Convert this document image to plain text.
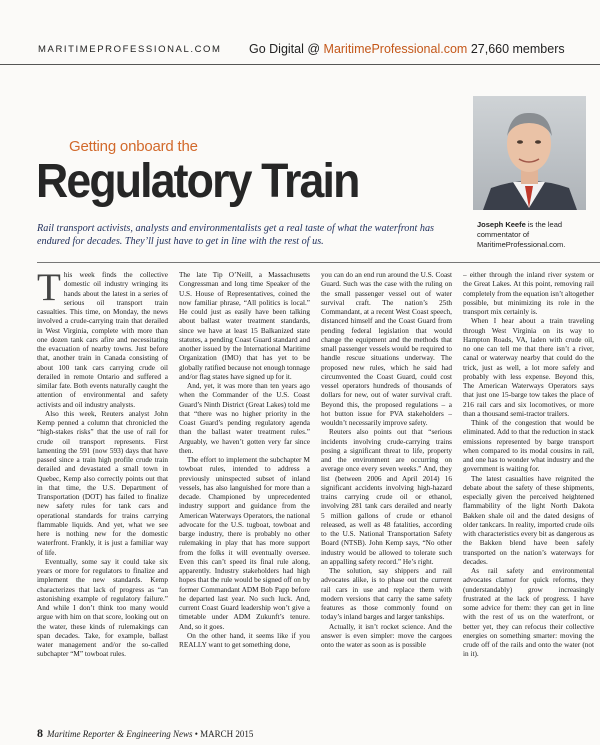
MARITIMEPROFESSIONAL.COM Go Digital @ MaritimeProfessional.com 27,660 members
Getting onboard the
Regulatory Train
Rail transport activists, analysts and environmentalists get a real taste of what the waterfront has endured for decades. They’ll just have to get in line with the rest of us.
Joseph Keefe is the lead commentator of MaritimeProfessional.com.

This week finds the collective domestic oil industry wringing its hands about the latest in a series of serious oil transport train casualties. This time, on Monday, the news involved a crude-carrying train that derailed in West Virginia, complete with more than one dozen tank cars afire and necessitating the evacuation of nearby towns. Just before that, another train in Canada consisting of about 100 tank cars carrying crude oil derailed in remote Ontario and suffered a similar fate. Both events naturally caught the attention of environmental and safety activists and oil industry analysts.

Also this week, Reuters analyst John Kemp penned a column that chronicled the “high-stakes risks” that the use of rail for crude oil transport represents. First lamenting the 591 (now 593) days that have passed since a train high profile crude train derailed and devastated a small town in Quebec, Kemp also correctly points out that in that time, the U.S. Department of Transportation (DOT) has failed to finalize new safety rules for tank cars and operational standards for trains carrying flammable liquids. And yet, what we see here is nothing new for the domestic waterfront. Frankly, it is just a familiar way of life.

Eventually, some say it could take six years or more for regulators to finalize and implement the new standards. Kemp characterizes that lack of progress as “an astonishing example of regulatory failure.” And while I don’t think too many would argue with him on that score, looking out on the water, these kinds of rulemakings can span decades. Take, for example, ballast water management and/or the so-called subchapter “M” towboat rules.

The late Tip O’Neill, a Massachusetts Congressman and long time Speaker of the U.S. House of Representatives, coined the now familiar phrase, “All politics is local.” He could just as easily have been talking about ballast water treatment standards, since we have at least 15 Balkanized state statutes, a pending Coast Guard standard and another issued by the International Maritime Organization (IMO) that has yet to be globally ratified because not enough tonnage and/or flag states have signed up for it.

And, yet, it was more than ten years ago when the Commander of the U.S. Coast Guard’s Ninth District (Great Lakes) told me that “there was no higher priority in the Coast Guard’s pending regulatory agenda than the ballast water treatment rules.” Arguably, we haven’t gotten very far since then.

The effort to implement the subchapter M towboat rules, intended to address a previously uninspected subset of inland vessels, has also languished for more than a decade. Championed by unprecedented industry support and guidance from the American Waterways Operators, the national advocate for the U.S. tugboat, towboat and barge industry, there is probably no other rulemaking in play that has more support from the folks it will eventually oversee. Even this can’t speed its final rule along, apparently. Industry stakeholders had high hopes that the rule would be signed off on by former Commandant ADM Bob Papp before he departed last year. No such luck. And, current Coast Guard leadership won’t give a timetable under ADM Zukunft’s tenure. And, so it goes.

On the other hand, it seems like if you REALLY want to get something done,

you can do an end run around the U.S. Coast Guard. Such was the case with the ruling on the small passenger vessel out of water survival craft. The nation’s 25th Commandant, at a recent West Coast speech, distanced himself and the Coast Guard from pending federal legislation that would change the equipment and the methods that small passenger vessels would be required to handle rescue situations underway. The proposed new rules, which he said had circumvented the Coast Guard, could cost vessel operators hundreds of thousands of dollars for new, out of water survival craft. Beyond this, the proposed regulations – a hot button issue for PVA stakeholders – wouldn’t necessarily improve safety.

Reuters also points out that “serious incidents involving crude-carrying trains posing a significant threat to life, property and the environment are occurring on average once every seven weeks.” And, they list (between 2006 and April 2014) 16 significant accidents involving high-hazard trains carrying crude oil or ethanol, involving 281 tank cars derailed and nearly 5 million gallons of crude or ethanol released, as well as 48 fatalities, according to the U.S. National Transportation Safety Board (NTSB). John Kemp says, “No other industry would be allowed to tolerate such an appalling safety record.” He’s right.

The solution, say shippers and rail advocates alike, is to phase out the current rail cars in use and replace them with modern versions that carry the same safety features as those commonly found on today’s inland barges and larger tankships.

Actually, it isn’t rocket science. And the answer is even simpler: move the cargoes onto the water as soon as is possible

– either through the inland river system or the Great Lakes. At this point, removing rail completely from the equation isn’t altogether possible, but minimizing its role in the transport mix certainly is.

When I hear about a train traveling through West Virginia on its way to Hampton Roads, VA, laden with crude oil, no one can tell me that there isn’t a river, canal or waterway nearby that could do the trick, just as well, a lot more safely and probably with less expense. Beyond this, The American Waterways Operators says that just one 15-barge tow takes the place of 216 rail cars and six locomotives, or more than a thousand semi-tractor trailers.

Think of the congestion that would be eliminated. Add to that the reduction in stack emissions represented by barge transport when compared to its modal cousins in rail, and one has to wonder what industry and the government is waiting for.

The latest casualties have reignited the debate about the safety of these shipments, especially given the perceived heightened flammability of the light North Dakota Bakken shale oil and the dated designs of older tankcars. In reality, imported crude oils with characteristics every bit as dangerous as the Bakken blend have been safely transported on the nation’s waterways for decades.

As rail safety and environmental advocates clamor for quick reforms, they (understandably) grow increasingly frustrated at the lack of progress. I have some advice for them: they can get in line with the rest of us on the waterfront, or better yet, they can refocus their collective energies on something smarter: moving the crude off of the rails and onto the water (not in it).

8 Maritime Reporter & Engineering News • MARCH 2015
